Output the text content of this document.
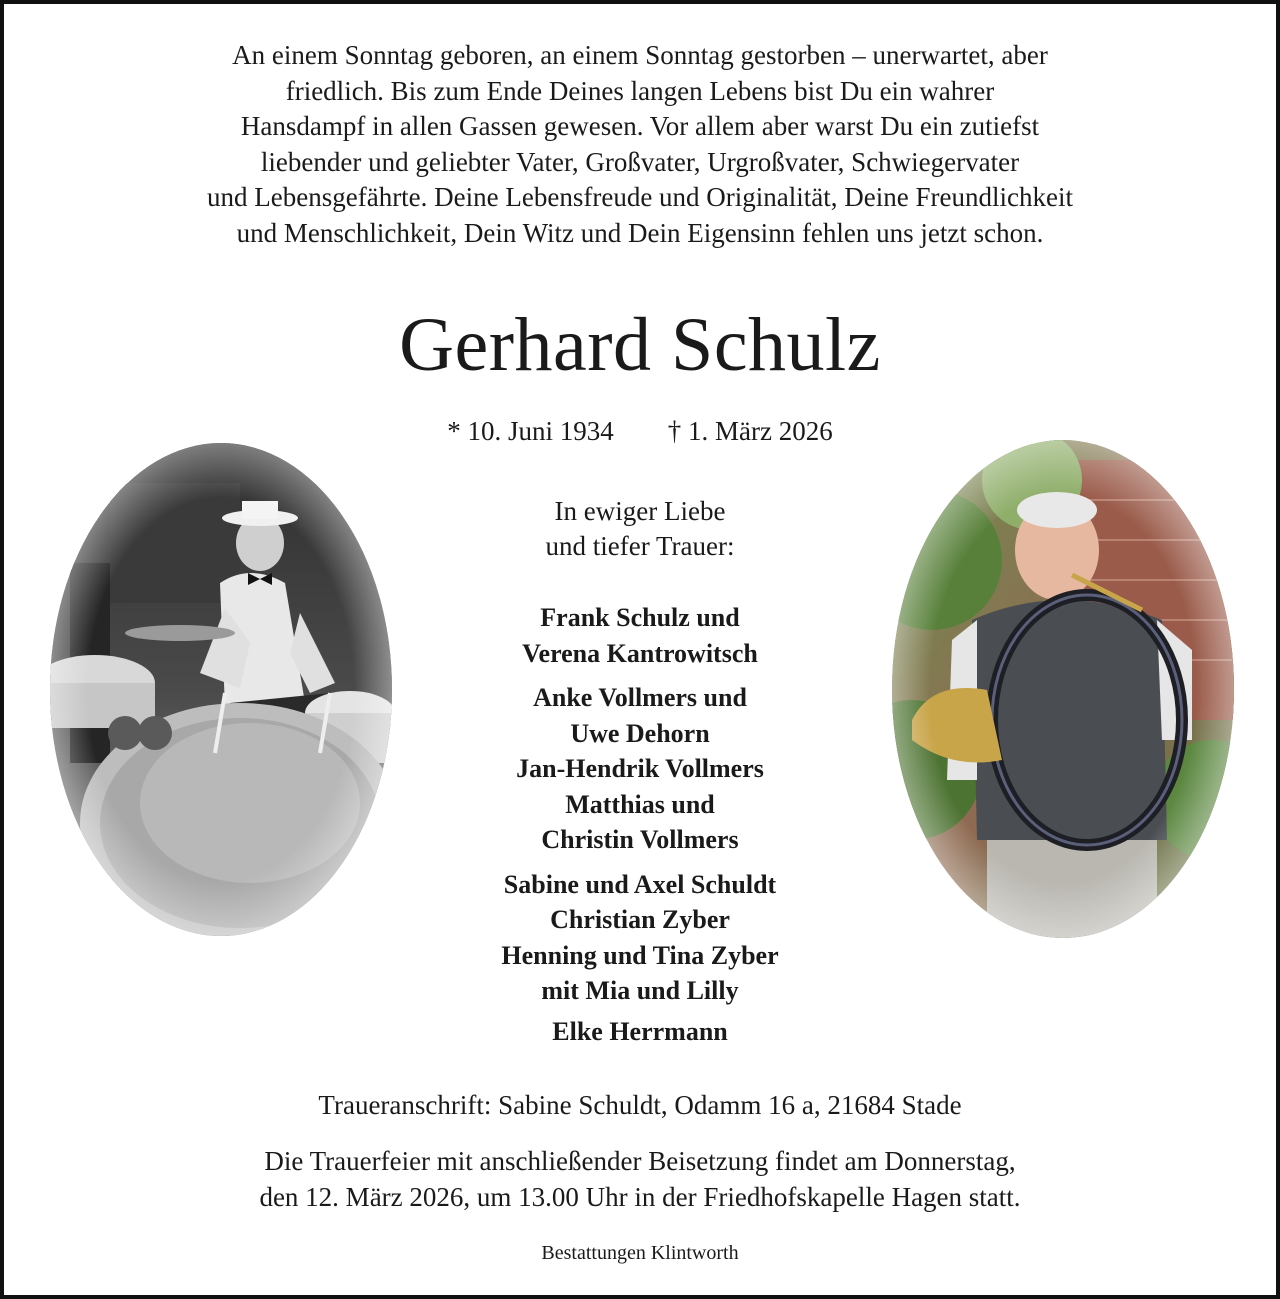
An einem Sonntag geboren, an einem Sonntag gestorben – unerwartet, aber
friedlich. Bis zum Ende Deines langen Lebens bist Du ein wahrer
Hansdampf in allen Gassen gewesen. Vor allem aber warst Du ein zutiefst
liebender und geliebter Vater, Großvater, Urgroßvater, Schwiegervater
und Lebensgefährte. Deine Lebensfreude und Originalität, Deine Freundlichkeit
und Menschlichkeit, Dein Witz und Dein Eigensinn fehlen uns jetzt schon.

Gerhard Schulz
* 10. Juni 1934 † 1. März 2026
In ewiger Liebe
und tiefer Trauer:
Frank Schulz und
Verena Kantrowitsch
Anke Vollmers und
Uwe Dehorn
Jan-Hendrik Vollmers
Matthias und
Christin Vollmers
Sabine und Axel Schuldt
Christian Zyber
Henning und Tina Zyber
mit Mia und Lilly
Elke Herrmann
Traueranschrift: Sabine Schuldt, Odamm 16 a, 21684 Stade
Die Trauerfeier mit anschließender Beisetzung findet am Donnerstag,
den 12. März 2026, um 13.00 Uhr in der Friedhofskapelle Hagen statt.
Bestattungen Klintworth
